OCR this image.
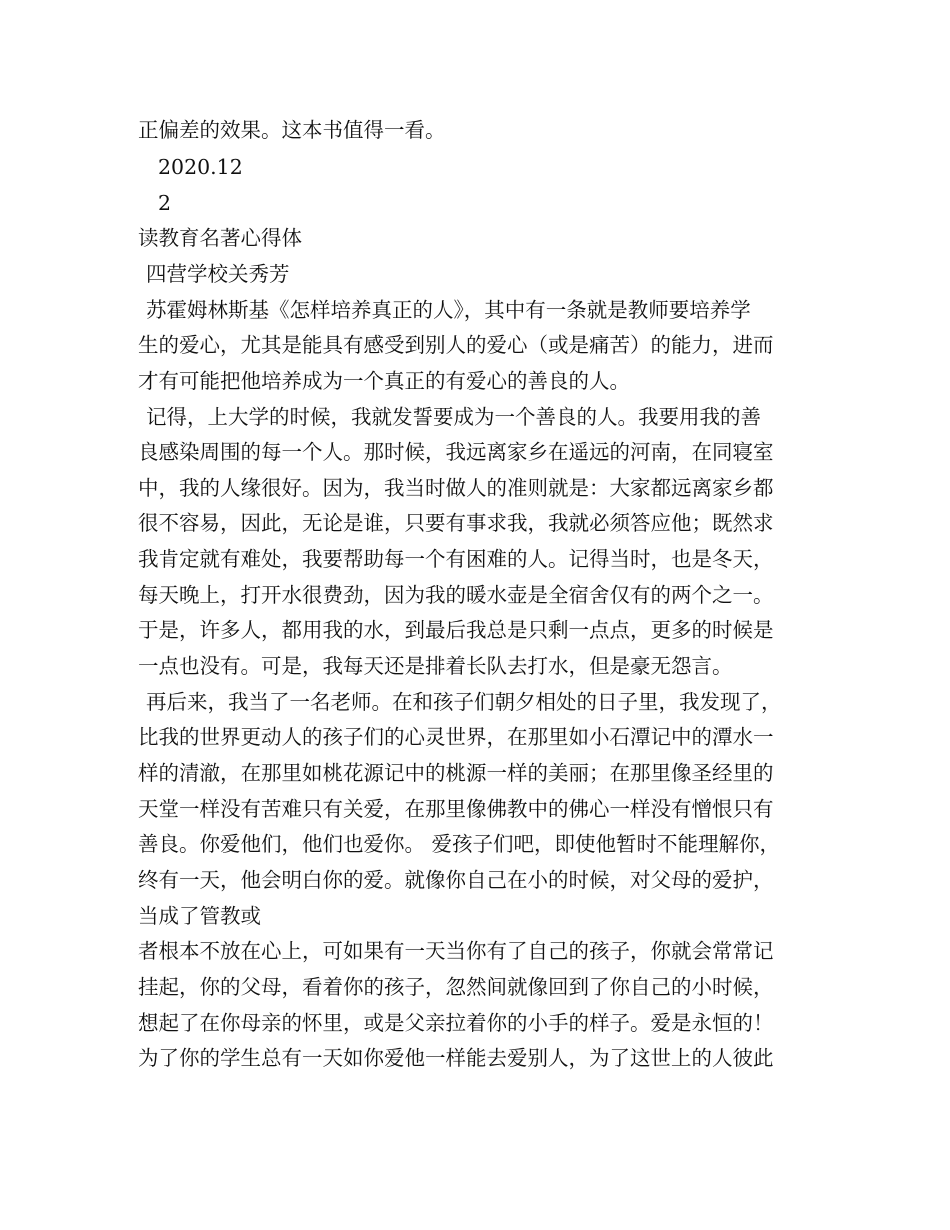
正偏差的效果。这本书值得一看。
2020.12
2
读教育名著心得体
四营学校关秀芳
苏霍姆林斯基《怎样培养真正的人》，其中有一条就是教师要培养学
生的爱心，尤其是能具有感受到别人的爱心（或是痛苦）的能力，进而
才有可能把他培养成为一个真正的有爱心的善良的人。
记得，上大学的时候，我就发誓要成为一个善良的人。我要用我的善
良感染周围的每一个人。那时候，我远离家乡在遥远的河南，在同寝室
中，我的人缘很好。因为，我当时做人的准则就是：大家都远离家乡都
很不容易，因此，无论是谁，只要有事求我，我就必须答应他；既然求
我肯定就有难处，我要帮助每一个有困难的人。记得当时，也是冬天，
每天晚上，打开水很费劲，因为我的暖水壶是全宿舍仅有的两个之一。
于是，许多人，都用我的水，到最后我总是只剩一点点，更多的时候是
一点也没有。可是，我每天还是排着长队去打水，但是豪无怨言。
再后来，我当了一名老师。在和孩子们朝夕相处的日子里，我发现了，
比我的世界更动人的孩子们的心灵世界，在那里如小石潭记中的潭水一
样的清澈，在那里如桃花源记中的桃源一样的美丽；在那里像圣经里的
天堂一样没有苦难只有关爱，在那里像佛教中的佛心一样没有憎恨只有
善良。你爱他们，他们也爱你。 爱孩子们吧，即使他暂时不能理解你，
终有一天，他会明白你的爱。就像你自己在小的时候，对父母的爱护，
当成了管教或
者根本不放在心上，可如果有一天当你有了自己的孩子，你就会常常记
挂起，你的父母，看着你的孩子，忽然间就像回到了你自己的小时候，
想起了在你母亲的怀里，或是父亲拉着你的小手的样子。爱是永恒的！
为了你的学生总有一天如你爱他一样能去爱别人，为了这世上的人彼此
